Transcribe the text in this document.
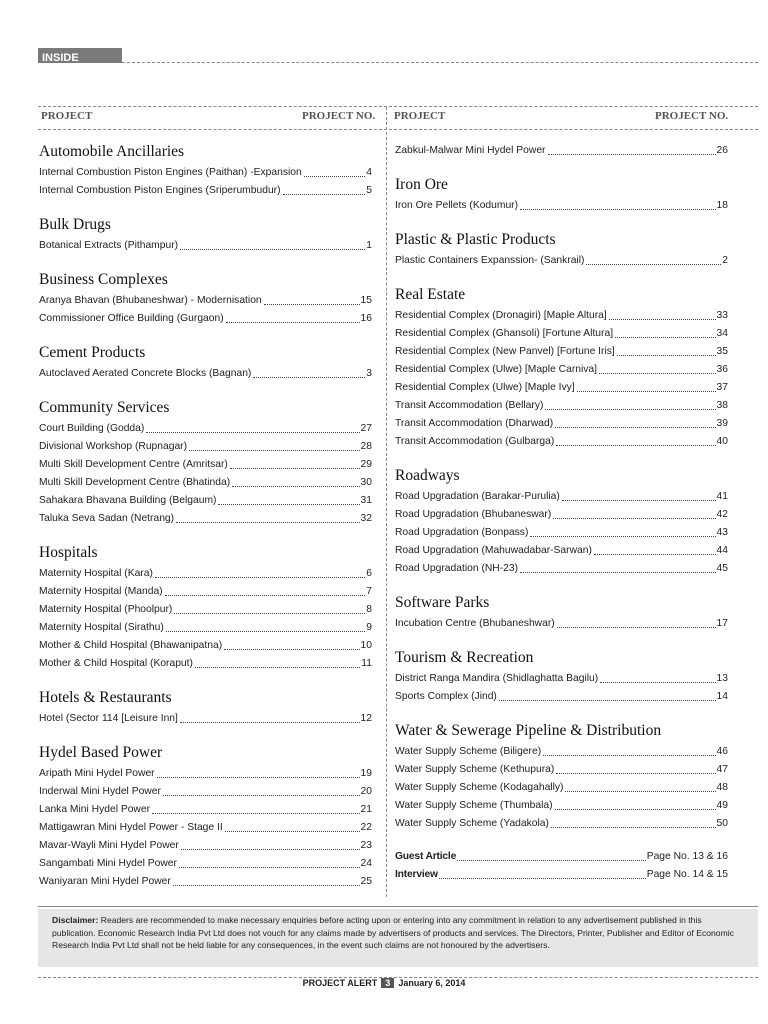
INSIDE
PROJECT	PROJECT NO. PROJECT	PROJECT NO.
Automobile Ancillaries
Internal Combustion Piston Engines (Paithan) -Expansion	4
Internal Combustion Piston Engines (Sriperumbudur)	5
Bulk Drugs
Botanical Extracts (Pithampur)	1
Business Complexes
Aranya Bhavan (Bhubaneshwar) - Modernisation	15
Commissioner Office Building (Gurgaon)	16
Cement Products
Autoclaved Aerated Concrete Blocks (Bagnan)	3
Community Services
Court Building (Godda)	27
Divisional Workshop (Rupnagar)	28
Multi Skill Development Centre (Amritsar)	29
Multi Skill Development Centre (Bhatinda)	30
Sahakara Bhavana Building (Belgaum)	31
Taluka Seva Sadan (Netrang)	32
Hospitals
Maternity Hospital (Kara)	6
Maternity Hospital (Manda)	7
Maternity Hospital (Phoolpur)	8
Maternity Hospital (Sirathu)	9
Mother & Child Hospital (Bhawanipatna)	10
Mother & Child Hospital (Koraput)	11
Hotels & Restaurants
Hotel (Sector 114 [Leisure Inn]	12
Hydel Based Power
Aripath Mini Hydel Power	19
Inderwal Mini Hydel Power	20
Lanka Mini Hydel Power	21
Mattigawran Mini Hydel Power - Stage II	22
Mavar-Wayli Mini Hydel Power	23
Sangambati Mini Hydel Power	24
Waniyaran Mini Hydel Power	25
Zabkul-Malwar Mini Hydel Power	26
Iron Ore
Iron Ore Pellets (Kodumur)	18
Plastic & Plastic Products
Plastic Containers Expanssion- (Sankrail)	2
Real Estate
Residential Complex (Dronagiri) [Maple Altura]	33
Residential Complex (Ghansoli) [Fortune Altura]	34
Residential Complex (New Panvel) [Fortune Iris]	35
Residential Complex (Ulwe) [Maple Carniva]	36
Residential Complex (Ulwe) [Maple Ivy]	37
Transit Accommodation (Bellary)	38
Transit Accommodation (Dharwad)	39
Transit Accommodation (Gulbarga)	40
Roadways
Road Upgradation (Barakar-Purulia)	41
Road Upgradation (Bhubaneswar)	42
Road Upgradation (Bonpass)	43
Road Upgradation (Mahuwadabar-Sarwan)	44
Road Upgradation (NH-23)	45
Software Parks
Incubation Centre (Bhubaneshwar)	17
Tourism & Recreation
District Ranga Mandira (Shidlaghatta Bagilu)	13
Sports Complex (Jind)	14
Water & Sewerage Pipeline & Distribution
Water Supply Scheme (Biligere)	46
Water Supply Scheme (Kethupura)	47
Water Supply Scheme (Kodagahally)	48
Water Supply Scheme (Thumbala)	49
Water Supply Scheme (Yadakola)	50
Guest Article	Page No. 13 & 16
Interview	Page No. 14 & 15
Disclaimer: Readers are recommended to make necessary enquiries before acting upon or entering into any commitment in relation to any advertisement published in this publication. Economic Research India Pvt Ltd does not vouch for any claims made by advertisers of products and services. The Directors, Printer, Publisher and Editor of Economic Research India Pvt Ltd shall not be held liable for any consequences, in the event such claims are not honoured by the advertisers.
PROJECT ALERT 3 January 6, 2014
